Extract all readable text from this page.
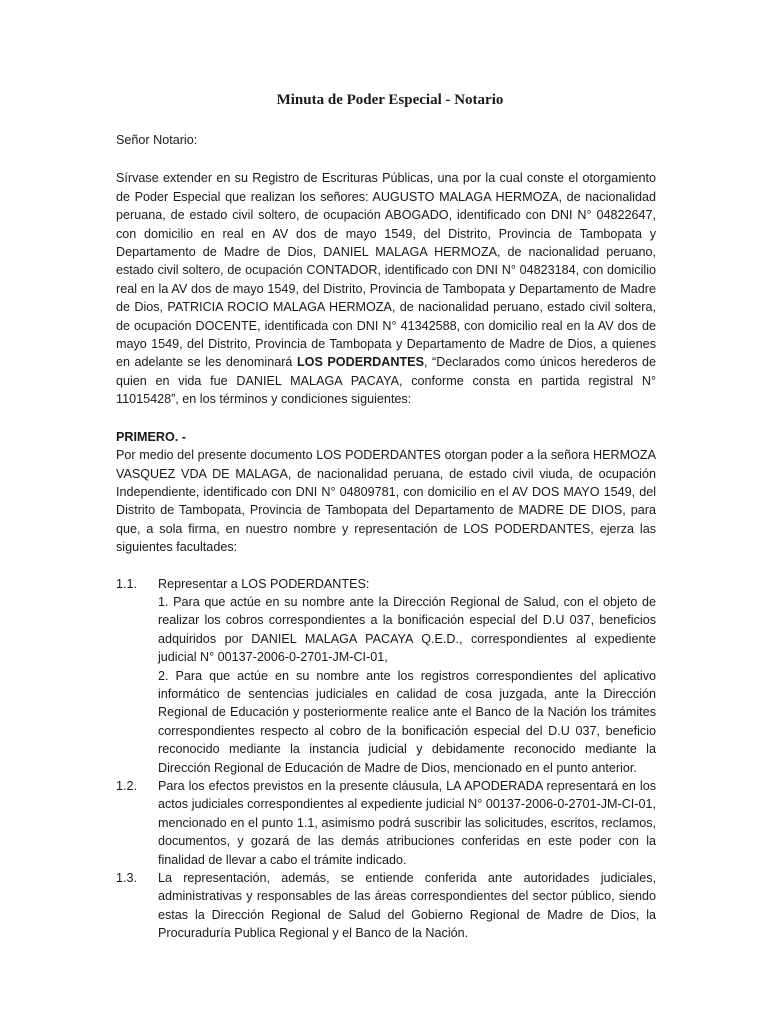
Minuta de Poder Especial - Notario

Señor Notario:

Sírvase extender en su Registro de Escrituras Públicas, una por la cual conste el otorgamiento de Poder Especial que realizan los señores: AUGUSTO MALAGA HERMOZA, de nacionalidad peruana, de estado civil soltero, de ocupación ABOGADO, identificado con DNI N° 04822647, con domicilio en real en AV dos de mayo 1549, del Distrito, Provincia de Tambopata y Departamento de Madre de Dios, DANIEL MALAGA HERMOZA, de nacionalidad peruano, estado civil soltero, de ocupación CONTADOR, identificado con DNI N° 04823184, con domicilio real en la AV dos de mayo 1549, del Distrito, Provincia de Tambopata y Departamento de Madre de Dios, PATRICIA ROCIO MALAGA HERMOZA, de nacionalidad peruano, estado civil soltera, de ocupación DOCENTE, identificada con DNI N° 41342588, con domicilio real en la AV dos de mayo 1549, del Distrito, Provincia de Tambopata y Departamento de Madre de Dios, a quienes en adelante se les denominará LOS PODERDANTES, “Declarados como únicos herederos de quien en vida fue DANIEL MALAGA PACAYA, conforme consta en partida registral N° 11015428”, en los términos y condiciones siguientes:

PRIMERO. -

Por medio del presente documento LOS PODERDANTES otorgan poder a la señora HERMOZA VASQUEZ VDA DE MALAGA, de nacionalidad peruana, de estado civil viuda, de ocupación Independiente, identificado con DNI N° 04809781, con domicilio en el AV DOS MAYO 1549, del Distrito de Tambopata, Provincia de Tambopata del Departamento de MADRE DE DIOS, para que, a sola firma, en nuestro nombre y representación de LOS PODERDANTES, ejerza las siguientes facultades:

1.1.	Representar a LOS PODERDANTES:
1. Para que actúe en su nombre ante la Dirección Regional de Salud, con el objeto de realizar los cobros correspondientes a la bonificación especial del D.U 037, beneficios adquiridos por DANIEL MALAGA PACAYA Q.E.D., correspondientes al expediente judicial N° 00137-2006-0-2701-JM-CI-01,
2. Para que actúe en su nombre ante los registros correspondientes del aplicativo informático de sentencias judiciales en calidad de cosa juzgada, ante la Dirección Regional de Educación y posteriormente realice ante el Banco de la Nación los trámites correspondientes respecto al cobro de la bonificación especial del D.U 037, beneficio reconocido mediante la instancia judicial y debidamente reconocido mediante la Dirección Regional de Educación de Madre de Dios, mencionado en el punto anterior.
1.2.	Para los efectos previstos en la presente cláusula, LA APODERADA representará en los actos judiciales correspondientes al expediente judicial N° 00137-2006-0-2701-JM-CI-01, mencionado en el punto 1.1, asimismo podrá suscribir las solicitudes, escritos, reclamos, documentos, y gozará de las demás atribuciones conferidas en este poder con la finalidad de llevar a cabo el trámite indicado.
1.3.	La representación, además, se entiende conferida ante autoridades judiciales, administrativas y responsables de las áreas correspondientes del sector público, siendo estas la Dirección Regional de Salud del Gobierno Regional de Madre de Dios, la Procuraduría Publica Regional y el Banco de la Nación.
